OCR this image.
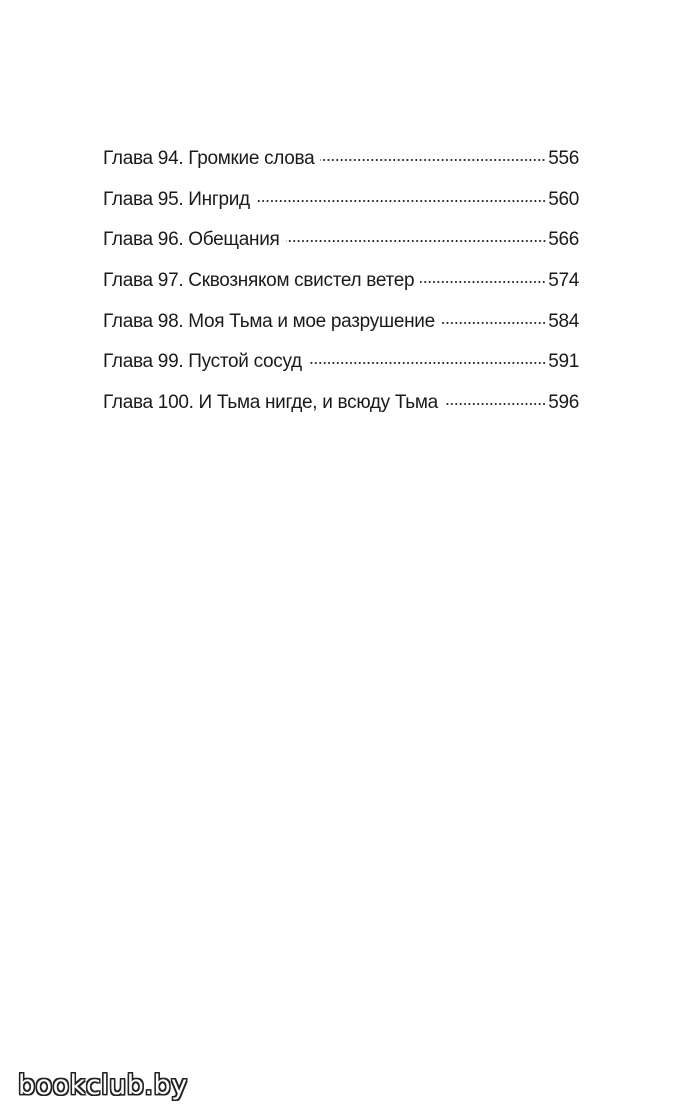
Глава 94. Громкие слова	556
Глава 95. Ингрид	560
Глава 96. Обещания	566
Глава 97. Сквозняком свистел ветер	574
Глава 98. Моя Тьма и мое разрушение	584
Глава 99. Пустой сосуд	591
Глава 100. И Тьма нигде, и всюду Тьма	596
bookclub.by
